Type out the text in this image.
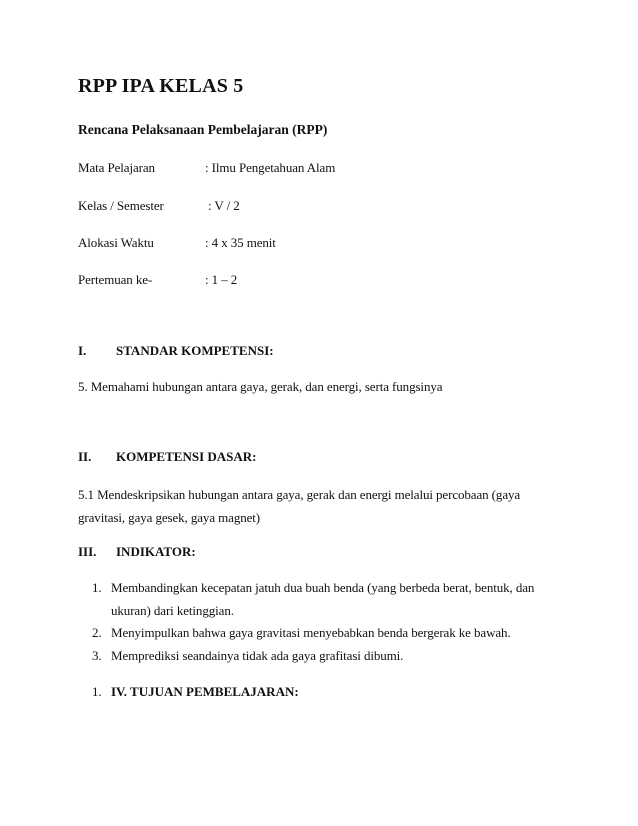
RPP IPA KELAS 5
Rencana Pelaksanaan Pembelajaran (RPP)
Mata Pelajaran	: Ilmu Pengetahuan Alam
Kelas / Semester	: V / 2
Alokasi Waktu	: 4 x 35 menit
Pertemuan ke-	: 1 – 2
I. STANDAR KOMPETENSI:
5. Memahami hubungan antara gaya, gerak, dan energi, serta fungsinya
II. KOMPETENSI DASAR:
5.1 Mendeskripsikan hubungan antara gaya, gerak dan energi melalui percobaan (gaya
gravitasi, gaya gesek, gaya magnet)
III. INDIKATOR:
1. Membandingkan kecepatan jatuh dua buah benda (yang berbeda berat, bentuk, dan
ukuran) dari ketinggian.
2. Menyimpulkan bahwa gaya gravitasi menyebabkan benda bergerak ke bawah.
3. Memprediksi seandainya tidak ada gaya grafitasi dibumi.
1. IV. TUJUAN PEMBELAJARAN:
